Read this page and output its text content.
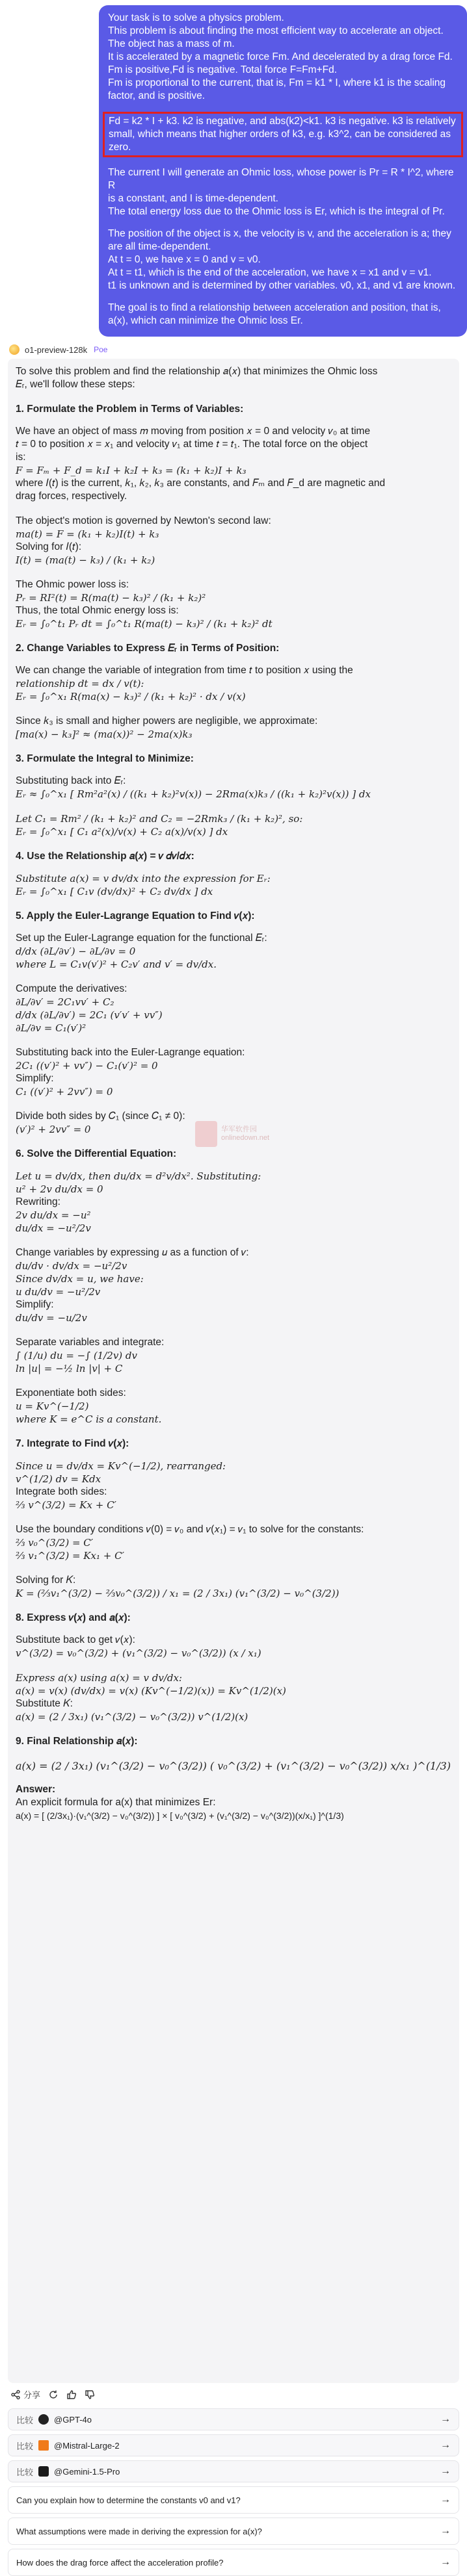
Your task is to solve a physics problem.
This problem is about finding the most efficient way to accelerate an object.
The object has a mass of m.
It is accelerated by a magnetic force Fm. And decelerated by a drag force Fd.
Fm is positive,Fd is negative. Total force F=Fm+Fd.
Fm is proportional to the current, that is, Fm = k1 * I, where k1 is the scaling
factor, and is positive.
Fd = k2 * I + k3. k2 is negative, and abs(k2)<k1. k3 is negative. k3 is relatively
small, which means that higher orders of k3, e.g. k3^2, can be considered as
zero.
The current I will generate an Ohmic loss, whose power is Pr = R * I^2, where R
is a constant, and I is time-dependent.
The total energy loss due to the Ohmic loss is Er, which is the integral of Pr.
The position of the object is x, the velocity is v, and the acceleration is a; they
are all time-dependent.
At t = 0, we have x = 0 and v = v0.
At t = t1, which is the end of the acceleration, we have x = x1 and v = v1.
t1 is unknown and is determined by other variables. v0, x1, and v1 are known.
The goal is to find a relationship between acceleration and position, that is,
a(x), which can minimize the Ohmic loss Er.
o1-preview-128k Poe
To solve this problem and find the relationship 𝑎(𝑥) that minimizes the Ohmic loss
𝐸ᵣ, we'll follow these steps:
1. Formulate the Problem in Terms of Variables:
We have an object of mass 𝑚 moving from position 𝑥 = 0 and velocity 𝑣₀ at time
𝑡 = 0 to position 𝑥 = 𝑥₁ and velocity 𝑣₁ at time 𝑡 = 𝑡₁. The total force on the object
is:
𝐹 = 𝐹ₘ + 𝐹_d = 𝑘₁𝐼 + 𝑘₂𝐼 + 𝑘₃ = (𝑘₁ + 𝑘₂)𝐼 + 𝑘₃
where 𝐼(𝑡) is the current, 𝑘₁, 𝑘₂, 𝑘₃ are constants, and 𝐹ₘ and 𝐹_d are magnetic and
drag forces, respectively.
The object's motion is governed by Newton's second law:
𝑚𝑎(𝑡) = 𝐹 = (𝑘₁ + 𝑘₂)𝐼(𝑡) + 𝑘₃
Solving for 𝐼(𝑡):
𝐼(𝑡) = (𝑚𝑎(𝑡) − 𝑘₃) / (𝑘₁ + 𝑘₂)
The Ohmic power loss is:
𝑃ᵣ = 𝑅𝐼²(𝑡) = 𝑅(𝑚𝑎(𝑡) − 𝑘₃)² / (𝑘₁ + 𝑘₂)²
Thus, the total Ohmic energy loss is:
𝐸ᵣ = ∫₀^𝑡₁ 𝑃ᵣ 𝑑𝑡 = ∫₀^𝑡₁ 𝑅(𝑚𝑎(𝑡) − 𝑘₃)² / (𝑘₁ + 𝑘₂)² 𝑑𝑡
2. Change Variables to Express 𝐸ᵣ in Terms of Position:
We can change the variable of integration from time 𝑡 to position 𝑥 using the
relationship 𝑑𝑡 = 𝑑𝑥 / 𝑣(𝑡):
𝐸ᵣ = ∫₀^𝑥₁ 𝑅(𝑚𝑎(𝑥) − 𝑘₃)² / (𝑘₁ + 𝑘₂)² · 𝑑𝑥 / 𝑣(𝑥)
Since 𝑘₃ is small and higher powers are negligible, we approximate:
[𝑚𝑎(𝑥) − 𝑘₃]² ≈ (𝑚𝑎(𝑥))² − 2𝑚𝑎(𝑥)𝑘₃
3. Formulate the Integral to Minimize:
Substituting back into 𝐸ᵣ:
𝐸ᵣ ≈ ∫₀^𝑥₁ [ 𝑅𝑚²𝑎²(𝑥) / ((𝑘₁ + 𝑘₂)²𝑣(𝑥)) − 2𝑅𝑚𝑎(𝑥)𝑘₃ / ((𝑘₁ + 𝑘₂)²𝑣(𝑥)) ] 𝑑𝑥
Let 𝐶₁ = 𝑅𝑚² / (𝑘₁ + 𝑘₂)² and 𝐶₂ = −2𝑅𝑚𝑘₃ / (𝑘₁ + 𝑘₂)², so:
𝐸ᵣ = ∫₀^𝑥₁ [ 𝐶₁ 𝑎²(𝑥)/𝑣(𝑥) + 𝐶₂ 𝑎(𝑥)/𝑣(𝑥) ] 𝑑𝑥
4. Use the Relationship 𝑎(𝑥) = 𝑣 𝑑𝑣/𝑑𝑥:
Substitute 𝑎(𝑥) = 𝑣 𝑑𝑣/𝑑𝑥 into the expression for 𝐸ᵣ:
𝐸ᵣ = ∫₀^𝑥₁ [ 𝐶₁𝑣 (𝑑𝑣/𝑑𝑥)² + 𝐶₂ 𝑑𝑣/𝑑𝑥 ] 𝑑𝑥
5. Apply the Euler-Lagrange Equation to Find 𝑣(𝑥):
Set up the Euler-Lagrange equation for the functional 𝐸ᵣ:
𝑑/𝑑𝑥 (∂𝐿/∂𝑣′) − ∂𝐿/∂𝑣 = 0
where 𝐿 = 𝐶₁𝑣(𝑣′)² + 𝐶₂𝑣′ and 𝑣′ = 𝑑𝑣/𝑑𝑥.
Compute the derivatives:
∂𝐿/∂𝑣′ = 2𝐶₁𝑣𝑣′ + 𝐶₂
𝑑/𝑑𝑥 (∂𝐿/∂𝑣′) = 2𝐶₁ (𝑣′𝑣′ + 𝑣𝑣″)
∂𝐿/∂𝑣 = 𝐶₁(𝑣′)²
Substituting back into the Euler-Lagrange equation:
2𝐶₁ ((𝑣′)² + 𝑣𝑣″) − 𝐶₁(𝑣′)² = 0
Simplify:
𝐶₁ ((𝑣′)² + 2𝑣𝑣″) = 0
Divide both sides by 𝐶₁ (since 𝐶₁ ≠ 0):
(𝑣′)² + 2𝑣𝑣″ = 0
6. Solve the Differential Equation:
Let 𝑢 = 𝑑𝑣/𝑑𝑥, then 𝑑𝑢/𝑑𝑥 = 𝑑²𝑣/𝑑𝑥². Substituting:
𝑢² + 2𝑣 𝑑𝑢/𝑑𝑥 = 0
Rewriting:
2𝑣 𝑑𝑢/𝑑𝑥 = −𝑢²
𝑑𝑢/𝑑𝑥 = −𝑢²/2𝑣
Change variables by expressing 𝑢 as a function of 𝑣:
𝑑𝑢/𝑑𝑣 · 𝑑𝑣/𝑑𝑥 = −𝑢²/2𝑣
Since 𝑑𝑣/𝑑𝑥 = 𝑢, we have:
𝑢 𝑑𝑢/𝑑𝑣 = −𝑢²/2𝑣
Simplify:
𝑑𝑢/𝑑𝑣 = −𝑢/2𝑣
Separate variables and integrate:
∫ (1/𝑢) 𝑑𝑢 = −∫ (1/2𝑣) 𝑑𝑣
ln |𝑢| = −½ ln |𝑣| + 𝐶
Exponentiate both sides:
𝑢 = 𝐾𝑣^(−1/2)
where 𝐾 = 𝑒^𝐶 is a constant.
7. Integrate to Find 𝑣(𝑥):
Since 𝑢 = 𝑑𝑣/𝑑𝑥 = 𝐾𝑣^(−1/2), rearranged:
𝑣^(1/2) 𝑑𝑣 = 𝐾𝑑𝑥
Integrate both sides:
⅔ 𝑣^(3/2) = 𝐾𝑥 + 𝐶′
Use the boundary conditions 𝑣(0) = 𝑣₀ and 𝑣(𝑥₁) = 𝑣₁ to solve for the constants:
⅔ 𝑣₀^(3/2) = 𝐶′
⅔ 𝑣₁^(3/2) = 𝐾𝑥₁ + 𝐶′
Solving for 𝐾:
𝐾 = (⅔𝑣₁^(3/2) − ⅔𝑣₀^(3/2)) / 𝑥₁ = (2 / 3𝑥₁) (𝑣₁^(3/2) − 𝑣₀^(3/2))
8. Express 𝑣(𝑥) and 𝑎(𝑥):
Substitute back to get 𝑣(𝑥):
𝑣^(3/2) = 𝑣₀^(3/2) + (𝑣₁^(3/2) − 𝑣₀^(3/2)) (𝑥 / 𝑥₁)
Express 𝑎(𝑥) using 𝑎(𝑥) = 𝑣 𝑑𝑣/𝑑𝑥:
𝑎(𝑥) = 𝑣(𝑥) (𝑑𝑣/𝑑𝑥) = 𝑣(𝑥) (𝐾𝑣^(−1/2)(𝑥)) = 𝐾𝑣^(1/2)(𝑥)
Substitute 𝐾:
𝑎(𝑥) = (2 / 3𝑥₁) (𝑣₁^(3/2) − 𝑣₀^(3/2)) 𝑣^(1/2)(𝑥)
9. Final Relationship 𝑎(𝑥):
𝑎(𝑥) = (2 / 3𝑥₁) (𝑣₁^(3/2) − 𝑣₀^(3/2)) ( 𝑣₀^(3/2) + (𝑣₁^(3/2) − 𝑣₀^(3/2)) 𝑥/𝑥₁ )^(1/3)
Answer:
An explicit formula for a(x) that minimizes Er:
a(x) = [ (2/3x₁)·(v₁^(3/2) − v₀^(3/2)) ] × [ v₀^(3/2) + (v₁^(3/2) − v₀^(3/2))(x/x₁) ]^(1/3)
华军软件园
onlinedown.net
分享
比较 @GPT-4o	→
比较 @Mistral-Large-2	→
比较 @Gemini-1.5-Pro	→
Can you explain how to determine the constants v0 and v1?	→
What assumptions were made in deriving the expression for a(x)?	→
How does the drag force affect the acceleration profile?	→
